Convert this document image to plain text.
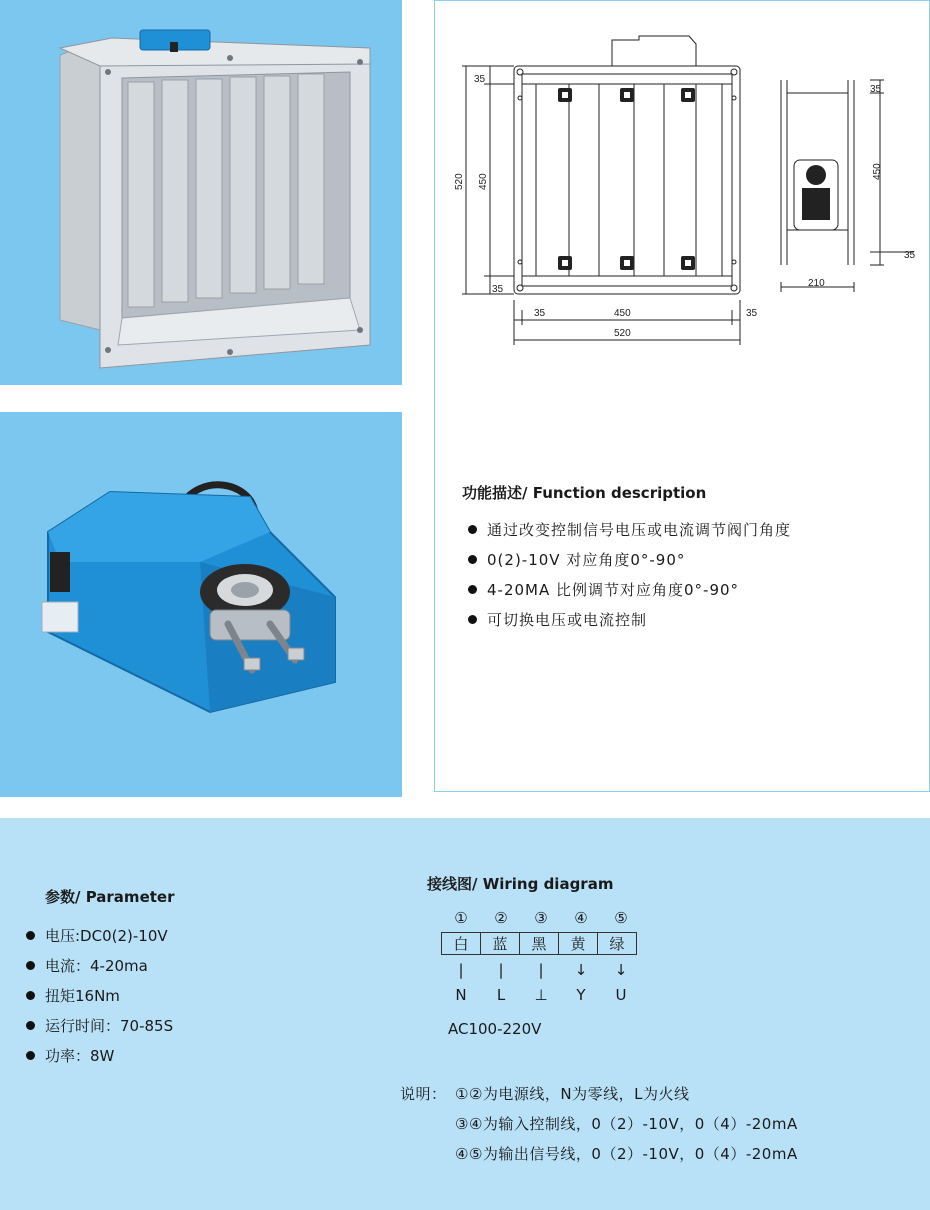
35
520 450
35
35	450	35
520
35
450
35
210
功能描述/ Function description
通过改变控制信号电压或电流调节阀门角度
0(2)-10V 对应角度0°-90°
4-20MA 比例调节对应角度0°-90°
可切换电压或电流控制
参数/ Parameter
电压:DC0(2)-10V
电流：4-20ma
扭矩16Nm
运行时间：70-85S
功率：8W
接线图/ Wiring diagram
①	②	③	④	⑤
白	蓝	黑	黄	绿
|	|	|	↓	↓
N	L	⊥	Y	U
AC100-220V
说明： ①②为电源线，N为零线，L为火线
③④为输入控制线，0（2）-10V，0（4）-20mA
④⑤为输出信号线，0（2）-10V，0（4）-20mA
